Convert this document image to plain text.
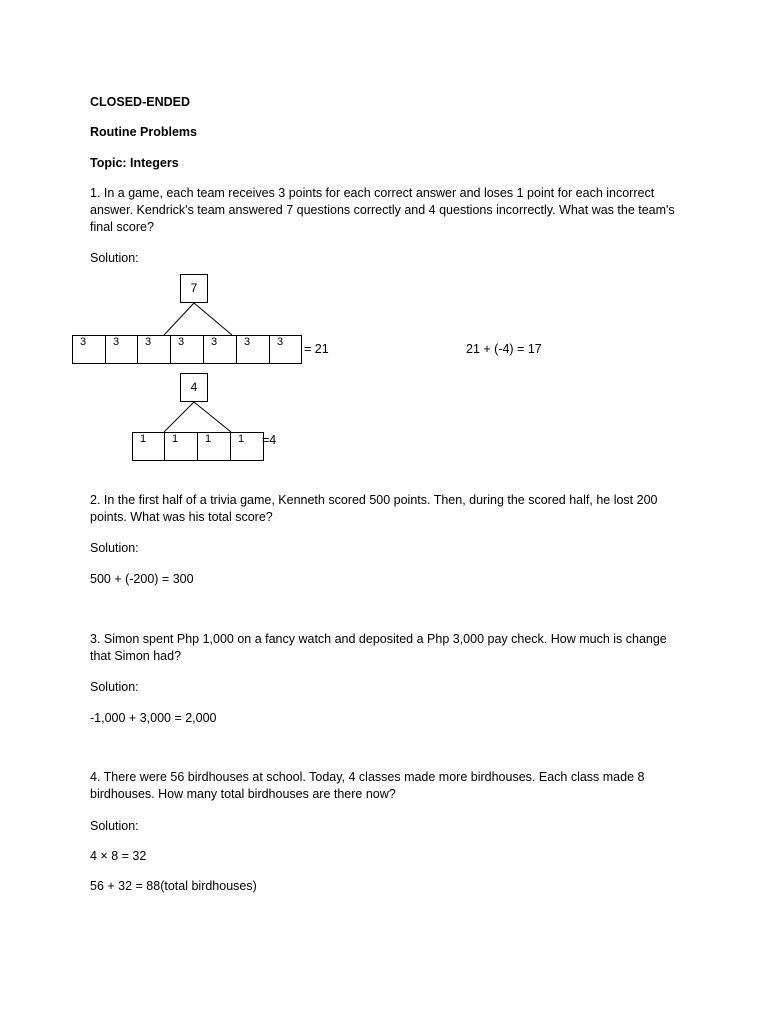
CLOSED-ENDED
Routine Problems
Topic: Integers
1. In a game, each team receives 3 points for each correct answer and loses 1 point for each incorrect answer. Kendrick's team answered 7 questions correctly and 4 questions incorrectly. What was the team's final score?
Solution:
7
3	3	3	3	3	3	3	= 21	21 + (-4) = 17
4
1	1	1	1	=4
2. In the first half of a trivia game, Kenneth scored 500 points. Then, during the scored half, he lost 200 points. What was his total score?
Solution:
500 + (-200) = 300
3. Simon spent Php 1,000 on a fancy watch and deposited a Php 3,000 pay check. How much is change that Simon had?
Solution:
-1,000 + 3,000 = 2,000
4. There were 56 birdhouses at school. Today, 4 classes made more birdhouses. Each class made 8 birdhouses. How many total birdhouses are there now?
Solution:
4 × 8 = 32
56 + 32 = 88(total birdhouses)
